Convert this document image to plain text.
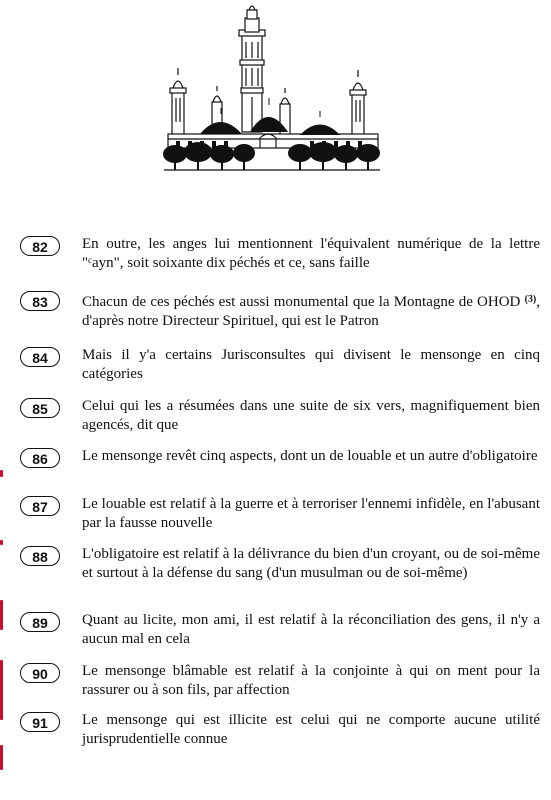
82	En outre, les anges lui mentionnent l'équivalent numérique de la lettre "ᶜayn", soit soixante dix péchés et ce, sans faille

83	Chacun de ces péchés est aussi monumental que la Montagne de OHOD $^{(3)}$, d'après notre Directeur Spirituel, qui est le Patron

84	Mais il y'a certains Jurisconsultes qui divisent le mensonge en cinq catégories

85	Celui qui les a résumées dans une suite de six vers, magnifiquement bien agencés, dit que

86	Le mensonge revêt cinq aspects, dont un de louable et un autre d'obligatoire

87	Le louable est relatif à la guerre et à terroriser l'ennemi infidèle, en l'abusant par la fausse nouvelle

88	L'obligatoire est relatif à la délivrance du bien d'un croyant, ou de soi-même et surtout à la défense du sang (d'un musulman ou de soi-même)

89	Quant au licite, mon ami, il est relatif à la réconciliation des gens, il n'y a aucun mal en cela

90	Le mensonge blâmable est relatif à la conjointe à qui on ment pour la rassurer ou à son fils, par affection

91	Le mensonge qui est illicite est celui qui ne comporte aucune utilité jurisprudentielle connue
